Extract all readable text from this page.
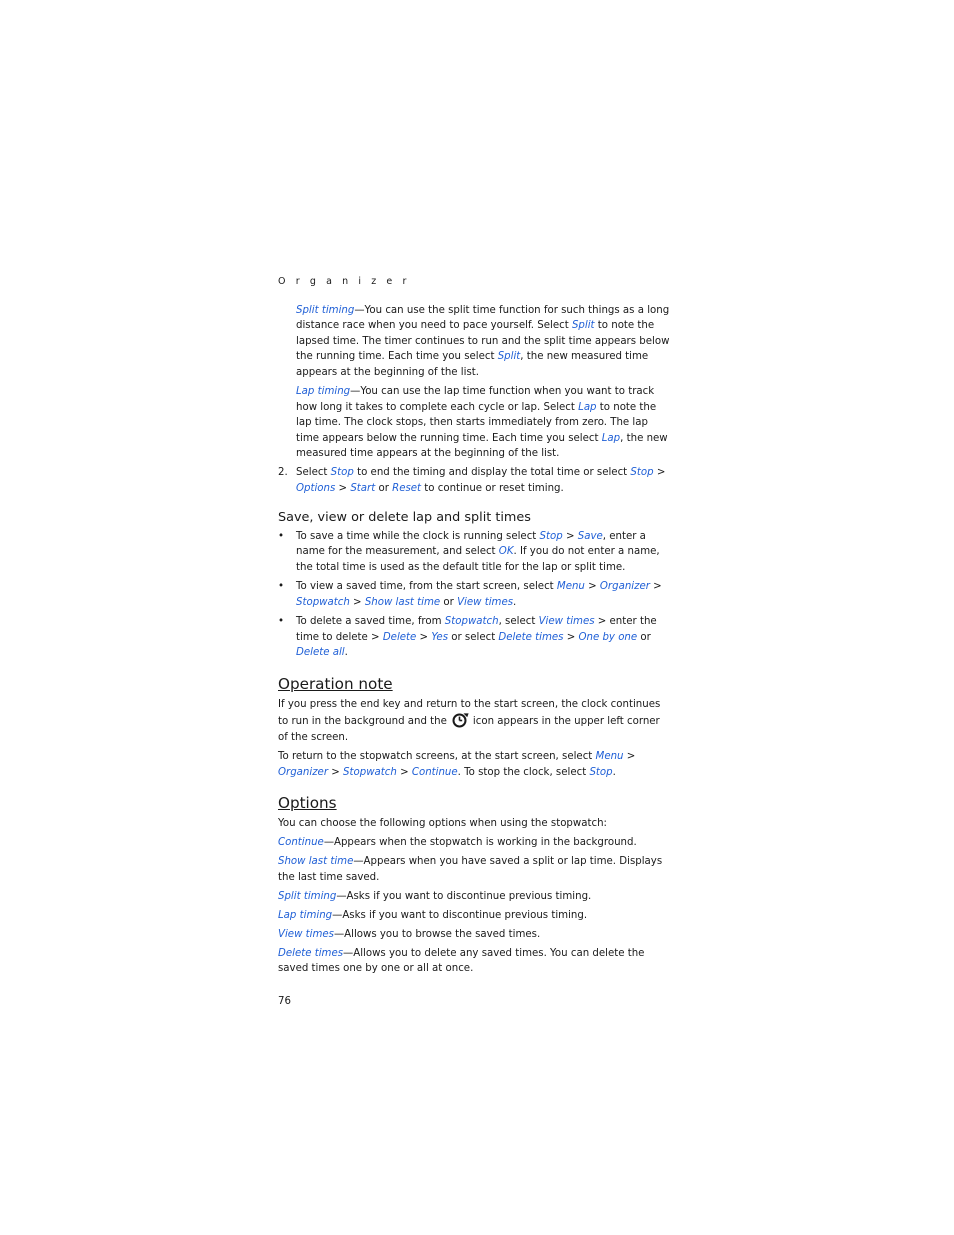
O r g a n i z e r

Split timing—You can use the split time function for such things as a long distance race when you need to pace yourself. Select Split to note the lapsed time. The timer continues to run and the split time appears below the running time. Each time you select Split, the new measured time appears at the beginning of the list.

Lap timing—You can use the lap time function when you want to track how long it takes to complete each cycle or lap. Select Lap to note the lap time. The clock stops, then starts immediately from zero. The lap time appears below the running time. Each time you select Lap, the new measured time appears at the beginning of the list.

2. Select Stop to end the timing and display the total time or select Stop > Options > Start or Reset to continue or reset timing.
Save, view or delete lap and split times
• To save a time while the clock is running select Stop > Save, enter a name for the measurement, and select OK. If you do not enter a name, the total time is used as the default title for the lap or split time.
• To view a saved time, from the start screen, select Menu > Organizer > Stopwatch > Show last time or View times.
• To delete a saved time, from Stopwatch, select View times > enter the time to delete > Delete > Yes or select Delete times > One by one or Delete all.
Operation note

If you press the end key and return to the start screen, the clock continues to run in the background and the	icon appears in the upper left corner of the screen.

To return to the stopwatch screens, at the start screen, select Menu > Organizer > Stopwatch > Continue. To stop the clock, select Stop.

Options

You can choose the following options when using the stopwatch:

Continue—Appears when the stopwatch is working in the background.

Show last time—Appears when you have saved a split or lap time. Displays the last time saved.

Split timing—Asks if you want to discontinue previous timing.

Lap timing—Asks if you want to discontinue previous timing.

View times—Allows you to browse the saved times.

Delete times—Allows you to delete any saved times. You can delete the saved times one by one or all at once.

76
